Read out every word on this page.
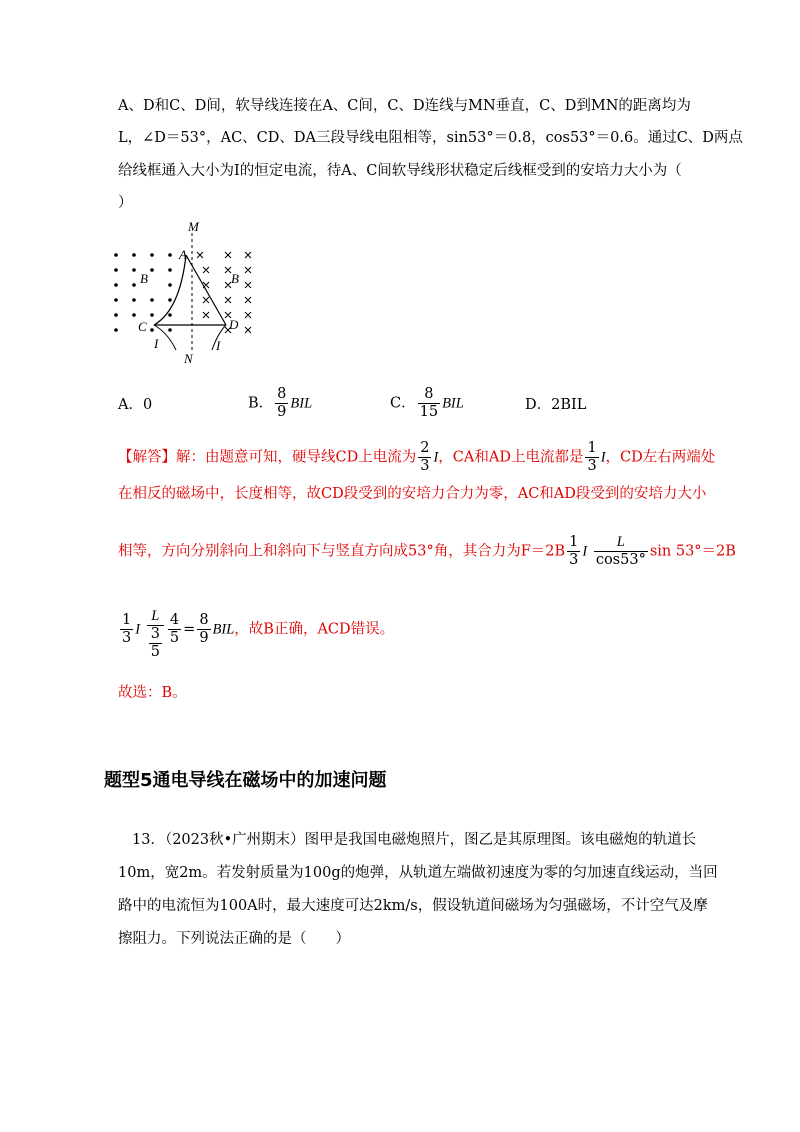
A、D和C、D间，软导线连接在A、C间，C、D连线与MN垂直，C、D到MN的距离均为
L，∠D＝53°，AC、CD、DA三段导线电阻相等，sin53°＝0.8，cos53°＝0.6。通过C、D两点
给线框通入大小为I的恒定电流，待A、C间软导线形状稳定后线框受到的安培力大小为（
）
M
N
A
B	B
C	D
I	I
A．0	B． $\frac{8}{9}$ BIL	C． $\frac{8}{15}$ BIL	D．2BIL
【解答】解：由题意可知，硬导线CD上电流为 $\frac{2}{3}$ I，CA和AD上电流都是 $\frac{1}{3}$ I，CD左右两端处
在相反的磁场中，长度相等，故CD段受到的安培力合力为零，AC和AD段受到的安培力大小
相等，方向分别斜向上和斜向下与竖直方向成53°角，其合力为$F=2B \frac{1}{3}$ I $\frac{L}{\cos 53^\circ}$ sin 53°＝2B
$\frac{1}{3}$ I $\frac{L}{\frac{3}{5}} \frac{4}{5} = \frac{8}{9}$ BIL，故B正确，ACD错误。
故选：B。
题型5通电导线在磁场中的加速问题
13．（2023秋•广州期末）图甲是我国电磁炮照片，图乙是其原理图。该电磁炮的轨道长
10m，宽2m。若发射质量为100g的炮弹，从轨道左端做初速度为零的匀加速直线运动，当回
路中的电流恒为100A时，最大速度可达2km/s，假设轨道间磁场为匀强磁场，不计空气及摩
擦阻力。下列说法正确的是（　　）
